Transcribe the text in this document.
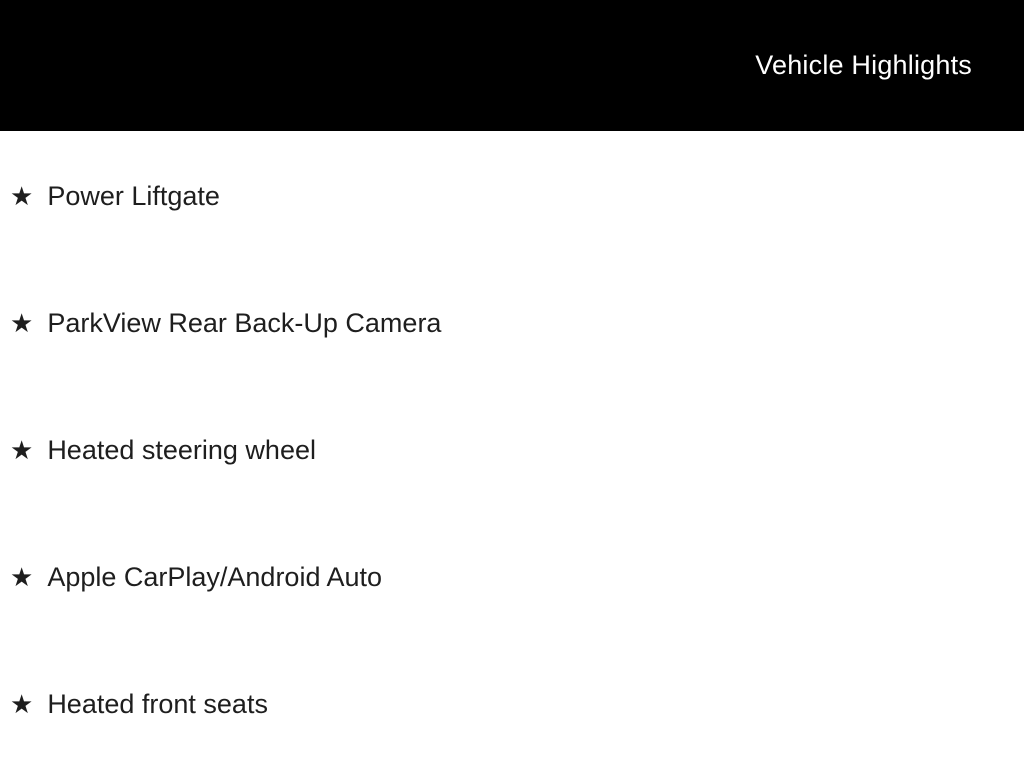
Vehicle Highlights
★ Power Liftgate
★ ParkView Rear Back-Up Camera
★ Heated steering wheel
★ Apple CarPlay/Android Auto
★ Heated front seats
